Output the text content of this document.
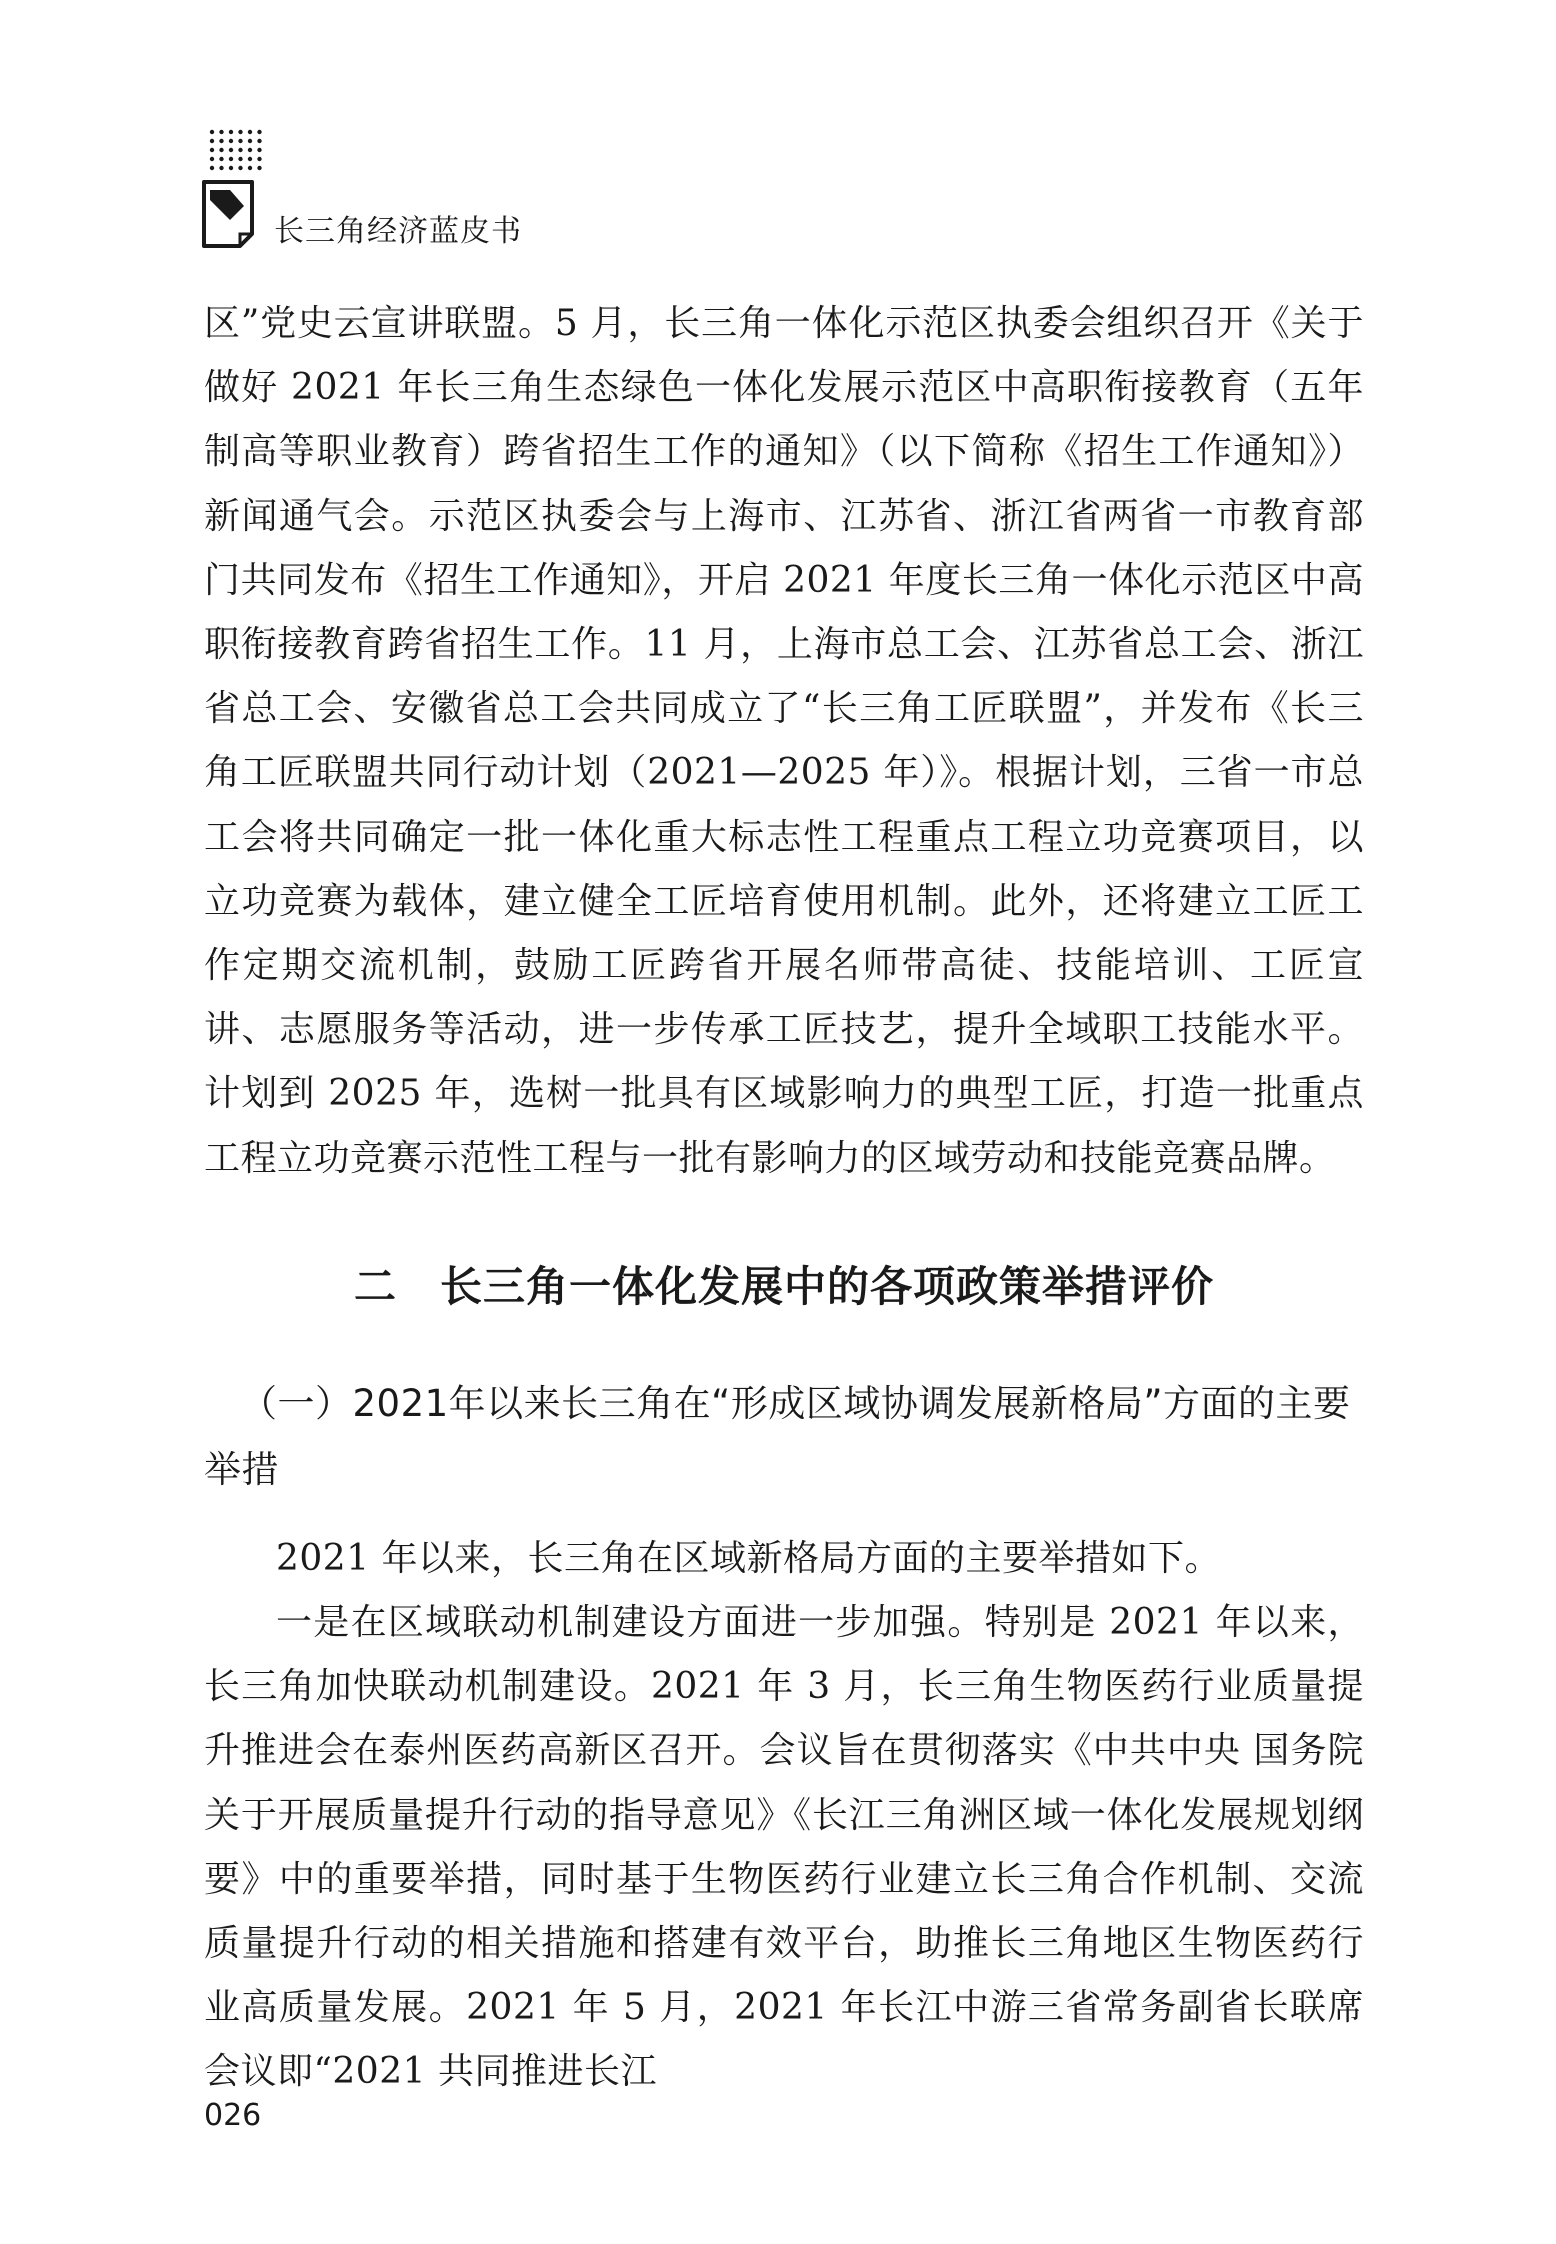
长三角经济蓝皮书

区”党史云宣讲联盟。5 月，长三角一体化示范区执委会组织召开《关于做好 2021 年长三角生态绿色一体化发展示范区中高职衔接教育（五年制高等职业教育）跨省招生工作的通知》（以下简称《招生工作通知》）新闻通气会。示范区执委会与上海市、江苏省、浙江省两省一市教育部门共同发布《招生工作通知》，开启 2021 年度长三角一体化示范区中高职衔接教育跨省招生工作。11 月，上海市总工会、江苏省总工会、浙江省总工会、安徽省总工会共同成立了“长三角工匠联盟”，并发布《长三角工匠联盟共同行动计划（2021—2025 年）》。根据计划，三省一市总工会将共同确定一批一体化重大标志性工程重点工程立功竞赛项目，以立功竞赛为载体，建立健全工匠培育使用机制。此外，还将建立工匠工作定期交流机制，鼓励工匠跨省开展名师带高徒、技能培训、工匠宣讲、志愿服务等活动，进一步传承工匠技艺，提升全域职工技能水平。计划到 2025 年，选树一批具有区域影响力的典型工匠，打造一批重点工程立功竞赛示范性工程与一批有影响力的区域劳动和技能竞赛品牌。

二　长三角一体化发展中的各项政策举措评价
（一）2021年以来长三角在“形成区域协调发展新格局”方面的主要举措

2021 年以来，长三角在区域新格局方面的主要举措如下。

一是在区域联动机制建设方面进一步加强。特别是 2021 年以来，长三角加快联动机制建设。2021 年 3 月，长三角生物医药行业质量提升推进会在泰州医药高新区召开。会议旨在贯彻落实《中共中央 国务院关于开展质量提升行动的指导意见》《长江三角洲区域一体化发展规划纲要》中的重要举措，同时基于生物医药行业建立长三角合作机制、交流质量提升行动的相关措施和搭建有效平台，助推长三角地区生物医药行业高质量发展。2021 年 5 月，2021 年长江中游三省常务副省长联席会议即“2021 共同推进长江

026
